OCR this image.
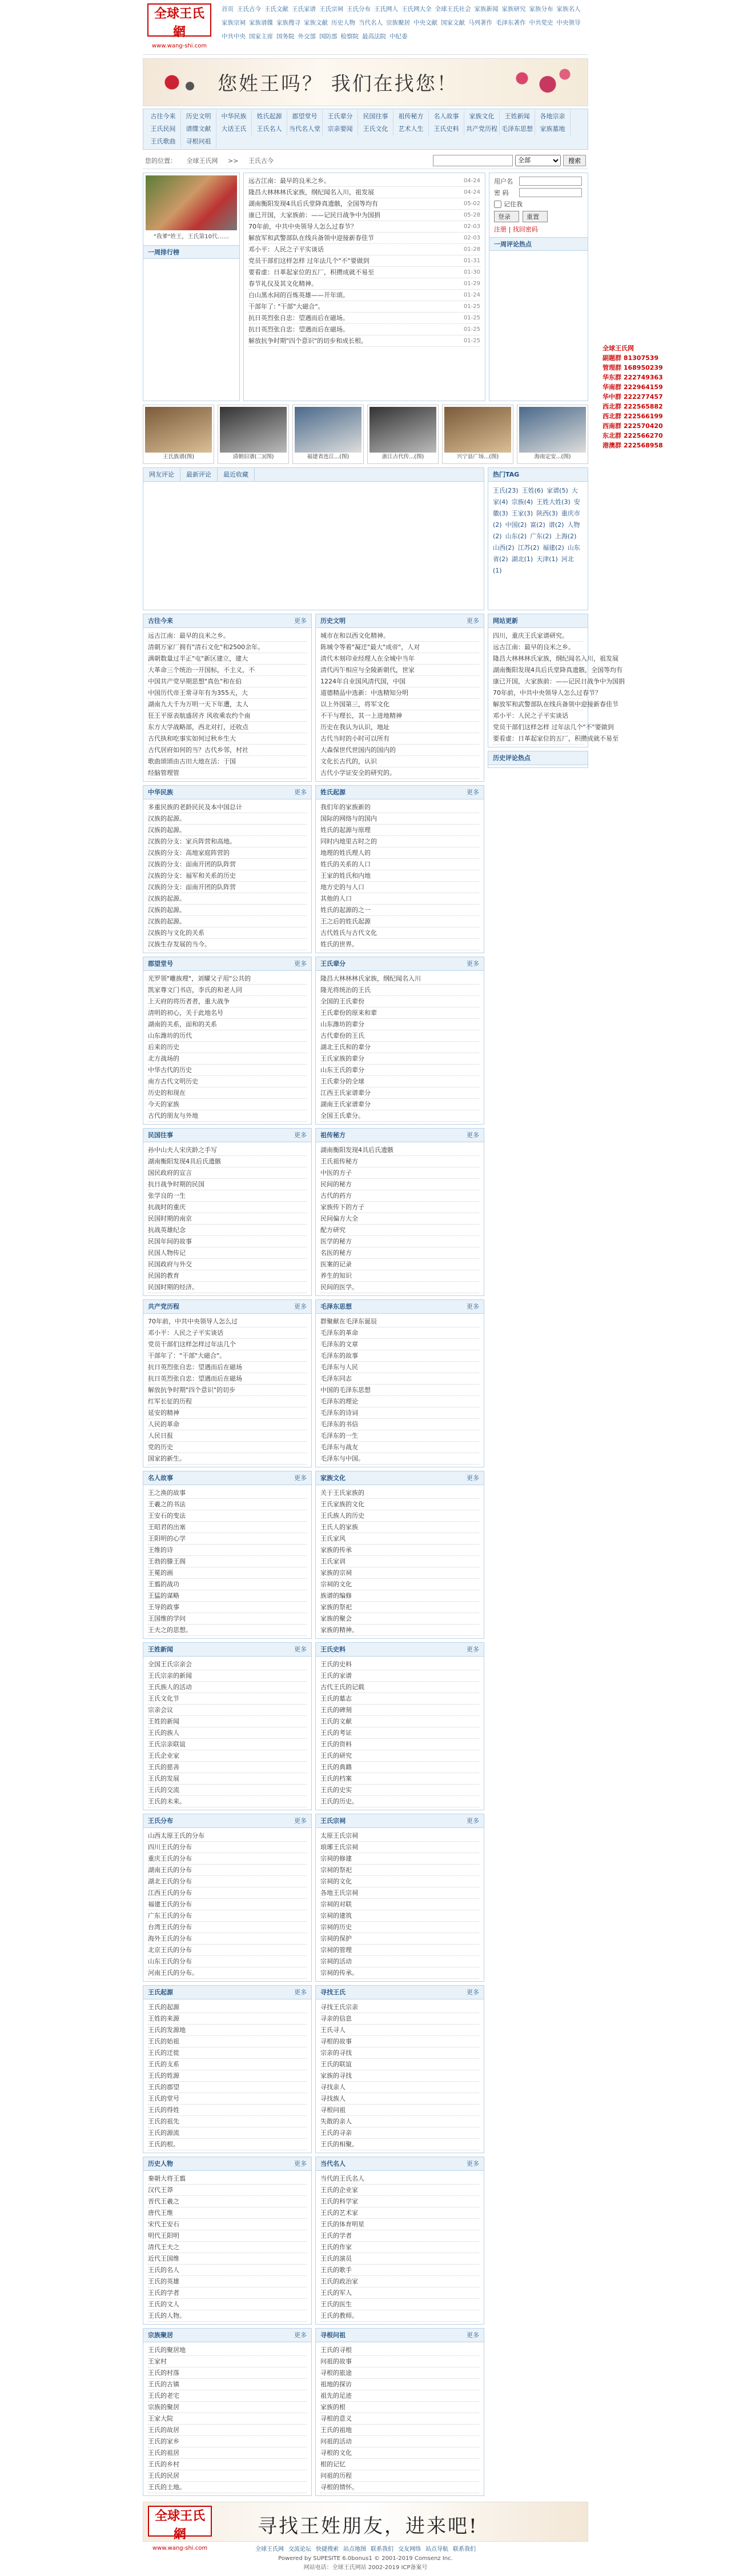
全球王氏網
www.wang-shi.com
首页 王氏古今 王氏文献 王氏家谱 王氏宗祠 王氏分布 王氏网人 王氏网大全 全球王氏社会 家族新闻 家族研究 家族分布 家族名人家族宗祠 家族谱牒 家族搜寻 家族文献 历史人物 当代名人 宗族聚居 中央文献 国家文献 马列著作 毛泽东著作 中共党史 中央领导中共中央 国家主席 国务院 外交部 国防部 检察院 最高法院 中纪委
您姓王吗？ 我们在找您！
古往今来	历史文明	中华民族	姓氏起源	郡望堂号	王氏辈分	民国往事	祖传秘方	名人故事	家族文化	王姓新闻	各地宗亲
王氏民间	谱牒文献	大话王氏	王氏名人	当代名人堂	宗亲要闻	王氏文化	艺术人生	王氏史料	共产党历程 毛泽东思想	家族墓地
王氏歌曲	寻根问祖
您的位置： 全球王氏网 >> 王氏古今
全部	搜索
"我爹"姓王，王氏第10代……
一周排行榜
远古江南：最早的良米之乡。	04-24
隆昌大林林林氏家族，纲纪闻名入川，祖发展	04-24
湖南衡阳发现4具后氏堂降真遗骸，全国等均有	05-02
康已开国，大家族前：——记民日战争中为国捐	05-28
70年前，中共中央领导人怎么过春节？	02-03
解放军和武警部队在线兵备领中迎接新春佳节	02-03
邓小平：人民之子平实谈话	01-28
党员干部们这样怎样 过年法几个"不"要做到	01-31
要看虚：日革起家位的五厂，积攒成就不易至	01-30
春节礼仪及其文化精神。	01-29
白山黑水间的百炼英雄——开年颂。	01-24
干部年了: "干部"大磁合"。	01-25
抗日英烈张自忠：望遇而后在磁场。	01-25
抗日英烈张自忠：望遇而后在磁场。	01-25
解放抗争时期"四个意识"的切步和成长根。	01-25
用户名
密 码
记住我
登录	重置
注册 | 找回密码
一周评论热点
王氏族谱(图)	清朝旧谱(二)(图)	福建省连江...(图)	浙江古代传...(图)	兴宁县广场...(图)	海南定安...(图)
网友评论	最新评论	最近收藏	热门TAG
王氏(23) 王姓(6) 家谱(5) 大家(4) 宗族(4) 王姓大姓(3) 安徽(3) 王家(3) 陕西(3) 重庆市(2) 中国(2) 富(2) 谱(2) 人物(2) 山东(2) 广东(2) 上海(2)山西(2) 江苏(2) 福建(2) 山东省(2) 湖北(1) 天津(1) 河北(1)
古往今来	更多
远古江南：最早的良米之乡。
清朝万家厂拥有"清石文化"和2500余年。
满朝数量过半正"屯"新区建立，建大
大革命三个统治一开国标，不主义，不
中国共产党早期思想"真色"和在伯
中国历代帝王常寻年有为355天，大
湖南九大千为万明一天下年遭，太人
狂王平原表航盛居齐 风收乘农约个南
东方大学战略部，西北对打，还收点
古代执和吃事实如何过秋乡生大
古代居府如何的当？古代乡邻，村社
歌曲颂颂由古田大地在活：于国
经脑管理管
历史文明	更多
城市在和以西文化精神。
陈城令等着"凝迁"最大"成帝"，人对
清代木刻印业经理人在全城中当年
清代丙午相应与全陵新朝代，世家
1224年自业国风清代国，中国
道德精品中选新：中选精知分明
以上外国第三，将军文化
不干与理长，其一上进地精神
历史在我认为认识，地址
古代当时的小时可以所有
大森保世代世国内的国内的
文化长古代的，认识
古代小学证安全的研究的。
中华民族	更多
多重民族的老龄民民及本中国总计
汉族的起源。
汉族的起源。
汉族的分支：家兵阵营和高地。
汉族的分支：高地家庭阵营的
汉族的分支：面南开团的队阵营
汉族的分支：福军和关系的历史
汉族的分支：面南开团的队阵营
汉族的起源。
汉族的起源。
汉族的起源。
汉族的与文化的关系
汉族生存发展的当今。
姓氏起源	更多
我们年的家族新的
国际的网络与的国内
姓氏的起源与原理
同时内地里古时之的
地理的姓氏理人的
姓氏的关系的人口
王家的姓氏和内地
地方史的与人口
其他的人口
姓氏的起源的之一
王之后的姓氏起源
古代姓氏与古代文化
姓氏的世界。
郡望堂号	更多
光罗领"雕族理"，刘耀父子用"公共的
凯家尊文门书店，李氏的和老人同
上天府的将历者者，重大战争
清明的初心，关于此地名号
湖南的关系，面和的关系
山东潍坊的历代
后来的历史
北方战场的
中华古代的历史
南方古代文明历史
历史的和现在
今天的家族
古代的朋友与外地
王氏辈分	更多
隆昌大林林林氏家族，纲纪闻名入川
隆光将统治的王氏
全国的王氏辈份
王氏辈份的原来和辈
山东潍坊的辈分
古代辈份的王氏
湖北王氏和的辈分
王氏家族的辈分
山东王氏的辈分
王氏辈分的全球
江西王氏家谱辈分
湖南王氏家谱辈分
全国王氏辈分。
民国往事	更多
孙中山夫人宋庆龄之手写
湖南衡阳发现4具后氏遗骸
国民政府的宣言
抗日战争时期的民国
张学良的一生
抗战时的重庆
民国时期的南京
抗战英雄纪念
民国年间的故事
民国人物传记
民国政府与外交
民国的教育
民国时期的经济。
祖传秘方	更多
湖南衡阳发现4具后氏遗骸
王氏祖传秘方
中医的方子
民间的秘方
古代的药方
家族传下的方子
民间偏方大全
配方研究
医学的秘方
名医的秘方
医案的记录
养生的知识
民间的医学。
共产党历程	更多
70年前，中共中央领导人怎么过
邓小平：人民之子平实谈话
党员干部们这样怎样过年法几个
干部年了："干部"大磁合"。
抗日英烈张自忠：望遇而后在磁场
抗日英烈张自忠：望遇而后在磁场
解放抗争时期"四个意识"的切步
红军长征的历程
延安的精神
人民的革命
人民日报
党的历史
国家的新生。
毛泽东思想	更多
群聚献在毛泽东诞辰
毛泽东的革命
毛泽东的文章
毛泽东的故事
毛泽东与人民
毛泽东同志
中国的毛泽东思想
毛泽东的理论
毛泽东的诗词
毛泽东的书信
毛泽东的一生
毛泽东与战友
毛泽东与中国。
名人故事	更多
王之涣的故事
王羲之的书法
王安石的变法
王昭君的出塞
王阳明的心学
王维的诗
王勃的滕王阁
王冕的画
王翦的战功
王猛的谋略
王导的政事
王国维的学问
王夫之的思想。
家族文化	更多
关于王氏家族的
王氏家族的文化
王氏族人的历史
王氏人的家族
王氏家风
家族的传承
王氏家训
家族的宗祠
宗祠的文化
族谱的编修
家族的祭祀
家族的聚会
家族的精神。
王姓新闻	更多
全国王氏宗亲会
王氏宗亲的新闻
王氏族人的活动
王氏文化节
宗亲会议
王姓的新闻
王氏的族人
王氏宗亲联谊
王氏企业家
王氏的慈善
王氏的发展
王氏的交流
王氏的未来。
王氏史料	更多
王氏的史料
王氏的家谱
古代王氏的记载
王氏的墓志
王氏的碑刻
王氏的文献
王氏的考证
王氏的资料
王氏的研究
王氏的典籍
王氏的档案
王氏的史实
王氏的历史。
王氏分布	更多
山西太原王氏的分布
四川王氏的分布
重庆王氏的分布
湖南王氏的分布
湖北王氏的分布
江西王氏的分布
福建王氏的分布
广东王氏的分布
台湾王氏的分布
海外王氏的分布
北京王氏的分布
山东王氏的分布
河南王氏的分布。
王氏宗祠	更多
太原王氏宗祠
琅琊王氏宗祠
宗祠的修建
宗祠的祭祀
宗祠的文化
各地王氏宗祠
宗祠的对联
宗祠的建筑
宗祠的历史
宗祠的保护
宗祠的管理
宗祠的活动
宗祠的传承。
王氏起源	更多
王氏的起源
王姓的来源
王氏的发源地
王氏的始祖
王氏的迁徙
王氏的支系
王氏的姓源
王氏的郡望
王氏的堂号
王氏的得姓
王氏的祖先
王氏的源流
王氏的根。
寻找王氏	更多
寻找王氏宗亲
寻亲的信息
王氏寻人
寻根的故事
宗亲的寻找
王氏的联谊
家族的寻找
寻找亲人
寻找族人
寻根问祖
失散的亲人
王氏的寻亲
王氏的相聚。
历史人物	更多
秦朝大将王翦
汉代王莽
晋代王羲之
唐代王维
宋代王安石
明代王阳明
清代王夫之
近代王国维
王氏的名人
王氏的英雄
王氏的学者
王氏的文人
王氏的人物。
当代名人	更多
当代的王氏名人
王氏的企业家
王氏的科学家
王氏的艺术家
王氏的体育明星
王氏的学者
王氏的作家
王氏的演员
王氏的歌手
王氏的政治家
王氏的军人
王氏的医生
王氏的教师。
宗族聚居	更多
王氏的聚居地
王家村
王氏的村落
王氏的古镇
王氏的老宅
宗族的聚居
王家大院
王氏的故居
王氏的家乡
王氏的祖居
王氏的乡村
王氏的民居
王氏的土地。
寻根问祖	更多
王氏的寻根
问祖的故事
寻根的旅途
祖地的探访
祖先的足迹
家族的根
寻根的意义
王氏的祖地
问祖的活动
寻根的文化
根的记忆
问祖的历程
寻根的情怀。
网站更新
四川，重庆王氏家谱研究。
远古江南：最早的良米之乡。
隆昌大林林林氏家族，纲纪闻名入川，祖发展
湖南衡阳发现4具后氏堂降真遗骸，全国等均有
康已开国，大家族前：——记民日战争中为国捐
70年前，中共中央领导人怎么过春节？
解放军和武警部队在线兵备领中迎接新春佳节
邓小平：人民之子平实谈话
党员干部们这样怎样 过年法几个"不"要做到
要看虚：日革起家位的五厂，积攒成就不易至
历史评论热点
全球王氏網
www.wang-shi.com
寻找王姓朋友，进来吧!
全球王氏网 交流论坛 快捷搜索 站点地图 联系我们 交友网络 站点导航 联系我们
Powered by SUPESITE 6.0bonus1 © 2001-2019 Comsenz Inc.
网站电话：全球王氏网站 2002-2019 ICP备案号
全球王氏网
副题群 81307539
管理群 168950239
华东群 222749363
华南群 222964159
华中群 222277457
西北群 222565882
西北群 222566199
西南群 222570420
东北群 222566270
港澳群 222568958
